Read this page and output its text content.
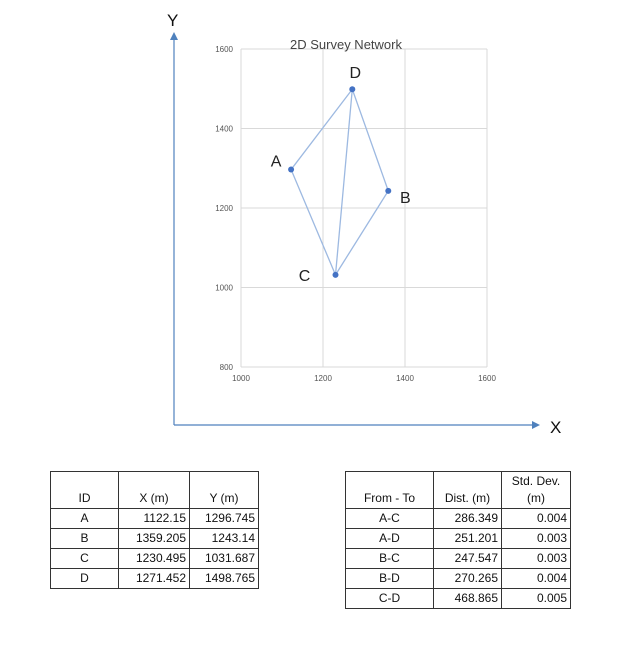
Y
X
2D Survey Network
1000	1200	1400	1600
800
1000
1200
1400
1600
A
B
C
D
ID	X (m)	Y (m)
A	1122.15	1296.745
B	1359.205	1243.14
C	1230.495	1031.687
D	1271.452	1498.765
From - To	Dist. (m)	Std. Dev.
(m)

A-C	286.349	0.004
A-D	251.201	0.003
B-C	247.547	0.003
B-D	270.265	0.004
C-D	468.865	0.005
